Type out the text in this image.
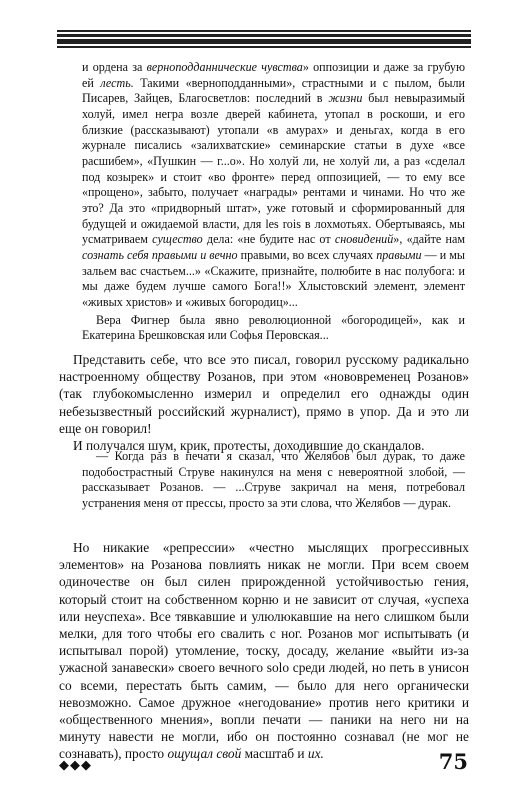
и ордена за верноподданнические чувства» оппозиции и даже за грубую ей лесть. Такими «верноподданными», страстными и с пылом, были Писарев, Зайцев, Благосветлов: последний в жизни был невыразимый холуй, имел негра возле дверей кабинета, утопал в роскоши, и его близкие (рассказывают) утопали «в амурах» и деньгах, когда в его журнале писались «залихватские» семинарские статьи в духе «все расшибем», «Пушкин — г...о». Но холуй ли, не холуй ли, а раз «сделал под козырек» и стоит «во фронте» перед оппозицией, — то ему все «прощено», забыто, получает «награды» рентами и чинами. Но что же это? Да это «придворный штат», уже готовый и сформированный для будущей и ожидаемой власти, для les rois в лохмотьях. Обертываясь, мы усматриваем существо дела: «не будите нас от сновидений», «дайте нам сознать себя правыми и вечно правыми, во всех случаях правыми — и мы зальем вас счастьем...» «Скажите, признайте, полюбите в нас полубога: и мы даже будем лучше самого Бога!!» Хлыстовский элемент, элемент «живых христов» и «живых богородиц»...

Вера Фигнер была явно революционной «богородицей», как и Екатерина Брешковская или Софья Перовская...

Представить себе, что все это писал, говорил русскому радикально настроенному обществу Розанов, при этом «нововременец Розанов» (так глубокомысленно измерил и определил его однажды один небезызвестный российский журналист), прямо в упор. Да и это ли еще он говорил!

И получался шум, крик, протесты, доходившие до скандалов.

— Когда раз в печати я сказал, что Желябов был дурак, то даже подобострастный Струве накинулся на меня с невероятной злобой, — рассказывает Розанов. — ...Струве закричал на меня, потребовал устранения меня от прессы, просто за эти слова, что Желябов — дурак.

Но никакие «репрессии» «честно мыслящих прогрессивных элементов» на Розанова повлиять никак не могли. При всем своем одиночестве он был силен прирожденной устойчивостью гения, который стоит на собственном корню и не зависит от случая, «успеха или неуспеха». Все тявкавшие и улюлюкавшие на него слишком были мелки, для того чтобы его свалить с ног. Розанов мог испытывать (и испытывал порой) утомление, тоску, досаду, желание «выйти из-за ужасной занавески» своего вечного solo среди людей, но петь в унисон со всеми, перестать быть самим, — было для него органически невозможно. Самое дружное «негодование» против него критики и «общественного мнения», вопли печати — паники на него ни на минуту навести не могли, ибо он постоянно сознавал (не мог не сознавать), просто ощущал свой масштаб и их.

◆◆◆	75
